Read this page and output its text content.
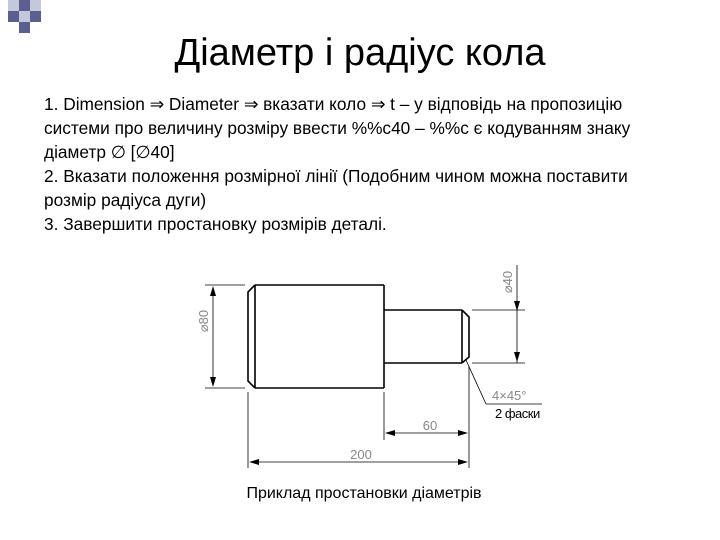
Діаметр і радіус кола

1. Dimension ⇒ Diameter ⇒ вказати коло ⇒ t – у відповідь на пропозицію системи про величину розміру ввести %%c40 – %%c є кодуванням знаку діаметр ∅ [∅40]

2. Вказати положення розмірної лінії (Подобним чином можна поставити розмір радіуса дуги)

3. Завершити простановку розмірів деталі.

⌀80
⌀40
4×45°
2 фаски
60
200
Приклад простановки діаметрів
